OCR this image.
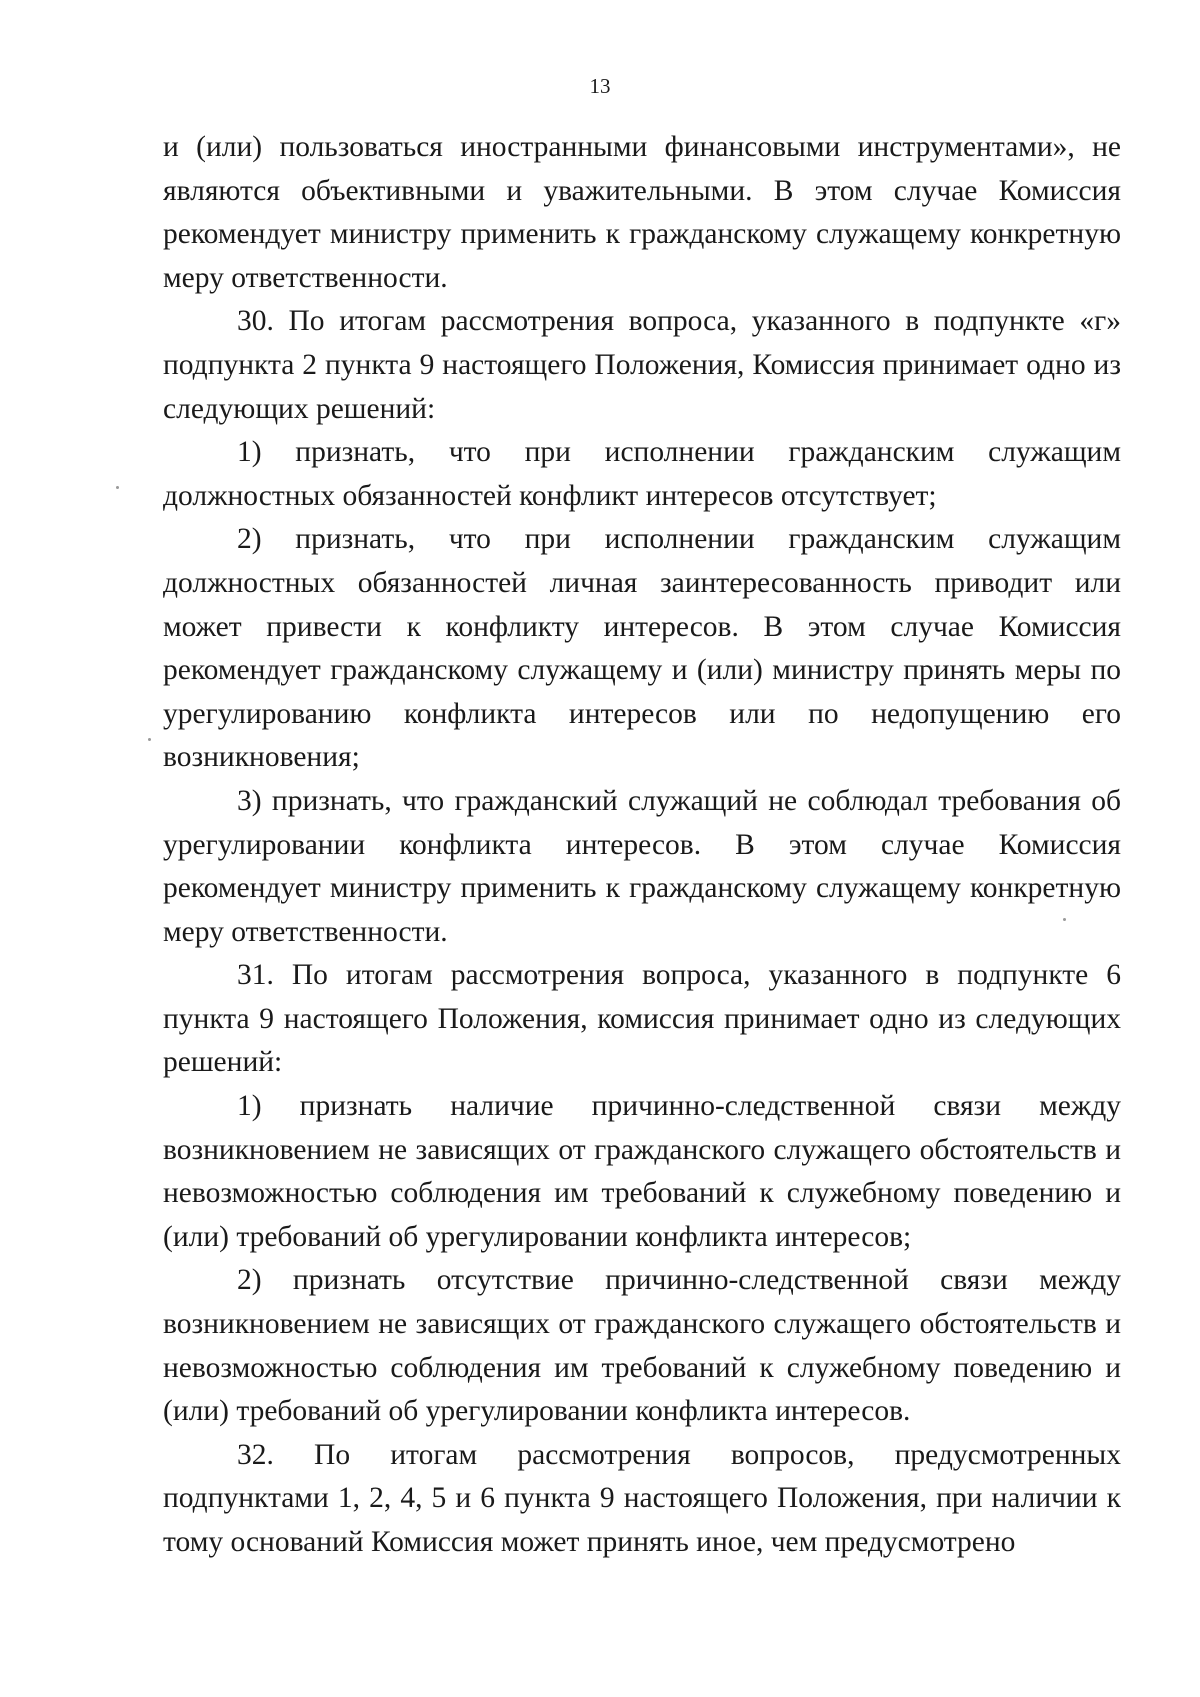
13

и (или) пользоваться иностранными финансовыми инструментами», не являются объективными и уважительными. В этом случае Комиссия рекомендует министру применить к гражданскому служащему конкретную меру ответственности.

30. По итогам рассмотрения вопроса, указанного в подпункте «г» подпункта 2 пункта 9 настоящего Положения, Комиссия принимает одно из следующих решений:

1) признать, что при исполнении гражданским служащим должностных обязанностей конфликт интересов отсутствует;

2) признать, что при исполнении гражданским служащим должностных обязанностей личная заинтересованность приводит или может привести к конфликту интересов. В этом случае Комиссия рекомендует гражданскому служащему и (или) министру принять меры по урегулированию конфликта интересов или по недопущению его возникновения;

3) признать, что гражданский служащий не соблюдал требования об урегулировании конфликта интересов. В этом случае Комиссия рекомендует министру применить к гражданскому служащему конкретную меру ответственности.

31. По итогам рассмотрения вопроса, указанного в подпункте 6 пункта 9 настоящего Положения, комиссия принимает одно из следующих решений:

1) признать наличие причинно-следственной связи между возникновением не зависящих от гражданского служащего обстоятельств и невозможностью соблюдения им требований к служебному поведению и (или) требований об урегулировании конфликта интересов;

2) признать отсутствие причинно-следственной связи между возникновением не зависящих от гражданского служащего обстоятельств и невозможностью соблюдения им требований к служебному поведению и (или) требований об урегулировании конфликта интересов.

32. По итогам рассмотрения вопросов, предусмотренных подпунктами 1, 2, 4, 5 и 6 пункта 9 настоящего Положения, при наличии к тому оснований Комиссия может принять иное, чем предусмотрено
